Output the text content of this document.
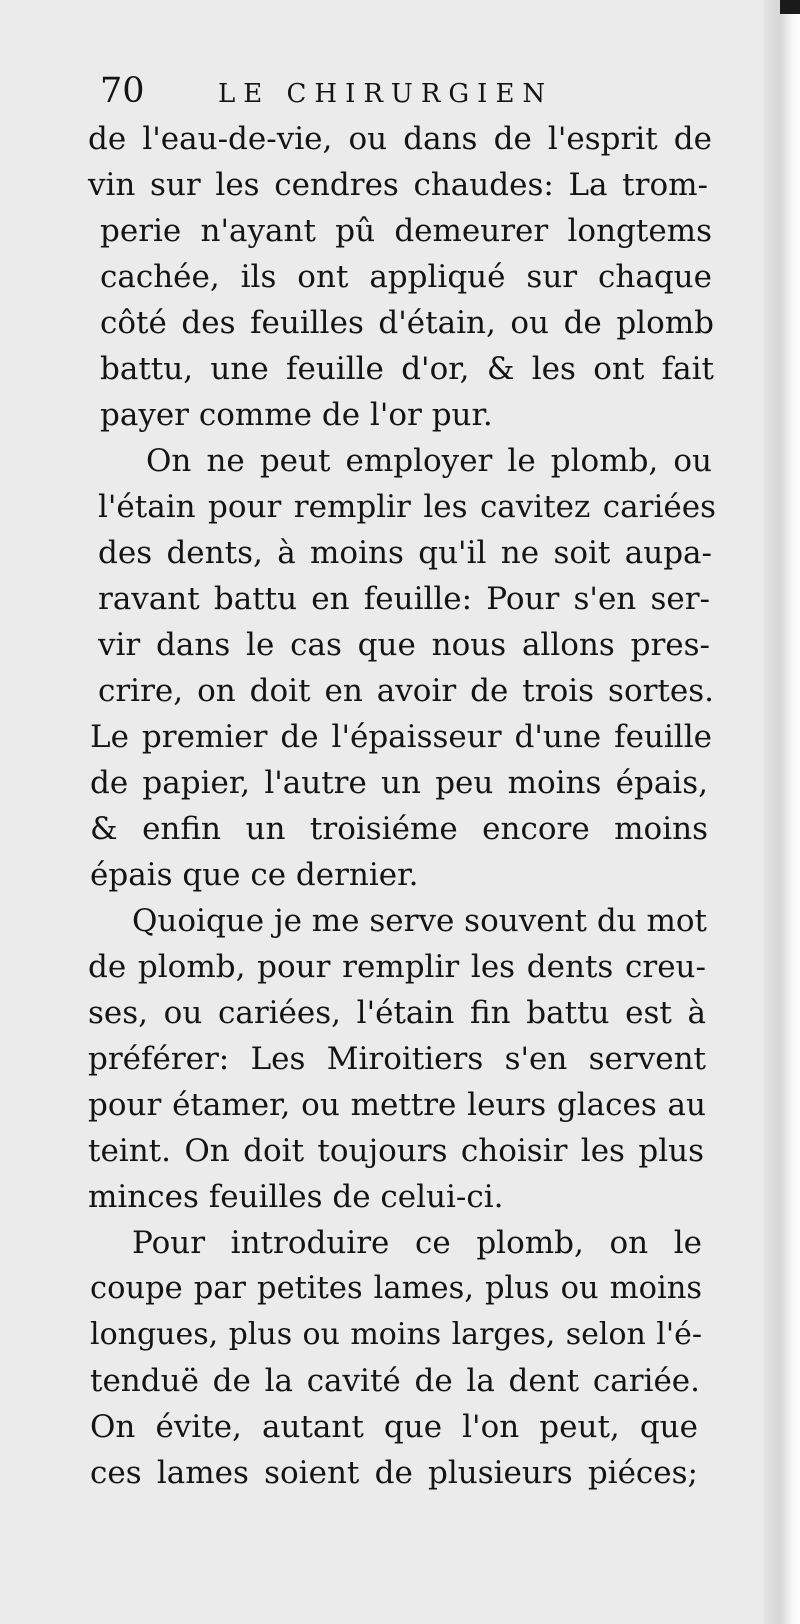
70	LE CHIRURGIEN
de l'eau-de-vie, ou dans de l'esprit de
vin sur les cendres chaudes: La trom-
perie n'ayant pû demeurer longtems
cachée, ils ont appliqué sur chaque
côté des feuilles d'étain, ou de plomb
battu, une feuille d'or, & les ont fait
payer comme de l'or pur.
On ne peut employer le plomb, ou
l'étain pour remplir les cavitez cariées
des dents, à moins qu'il ne soit aupa-
ravant battu en feuille: Pour s'en ser-
vir dans le cas que nous allons pres-
crire, on doit en avoir de trois sortes.
Le premier de l'épaisseur d'une feuille
de papier, l'autre un peu moins épais,
& enfin un troisiéme encore moins
épais que ce dernier.
Quoique je me serve souvent du mot
de plomb, pour remplir les dents creu-
ses, ou cariées, l'étain fin battu est à
préférer: Les Miroitiers s'en servent
pour étamer, ou mettre leurs glaces au
teint. On doit toujours choisir les plus
minces feuilles de celui-ci.
Pour introduire ce plomb, on le
coupe par petites lames, plus ou moins
longues, plus ou moins larges, selon l'é-
tenduë de la cavité de la dent cariée.
On évite, autant que l'on peut, que
ces lames soient de plusieurs piéces;
